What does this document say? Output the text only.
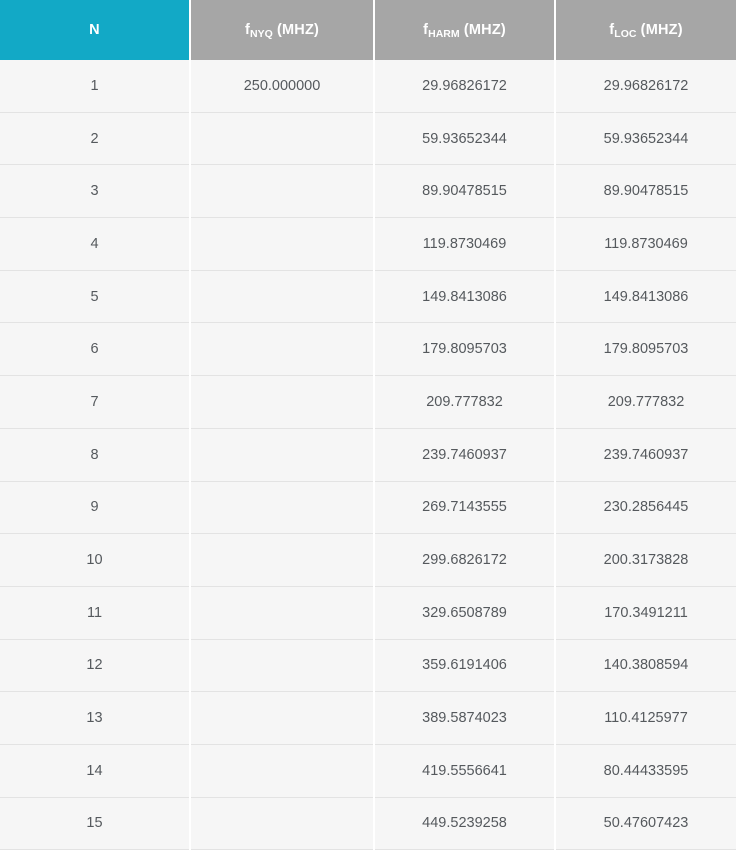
N	$f_{NYQ}$ (MHZ)	$f_{HARM}$ (MHZ)	$f_{LOC}$ (MHZ)
1	250.000000	29.96826172	29.96826172
2		59.93652344	59.93652344
3		89.90478515	89.90478515
4		119.8730469	119.8730469
5		149.8413086	149.8413086
6		179.8095703	179.8095703
7		209.777832	209.777832
8		239.7460937	239.7460937
9		269.7143555	230.2856445
10		299.6826172	200.3173828
11		329.6508789	170.3491211
12		359.6191406	140.3808594
13		389.5874023	110.4125977
14		419.5556641	80.44433595
15		449.5239258	50.47607423
